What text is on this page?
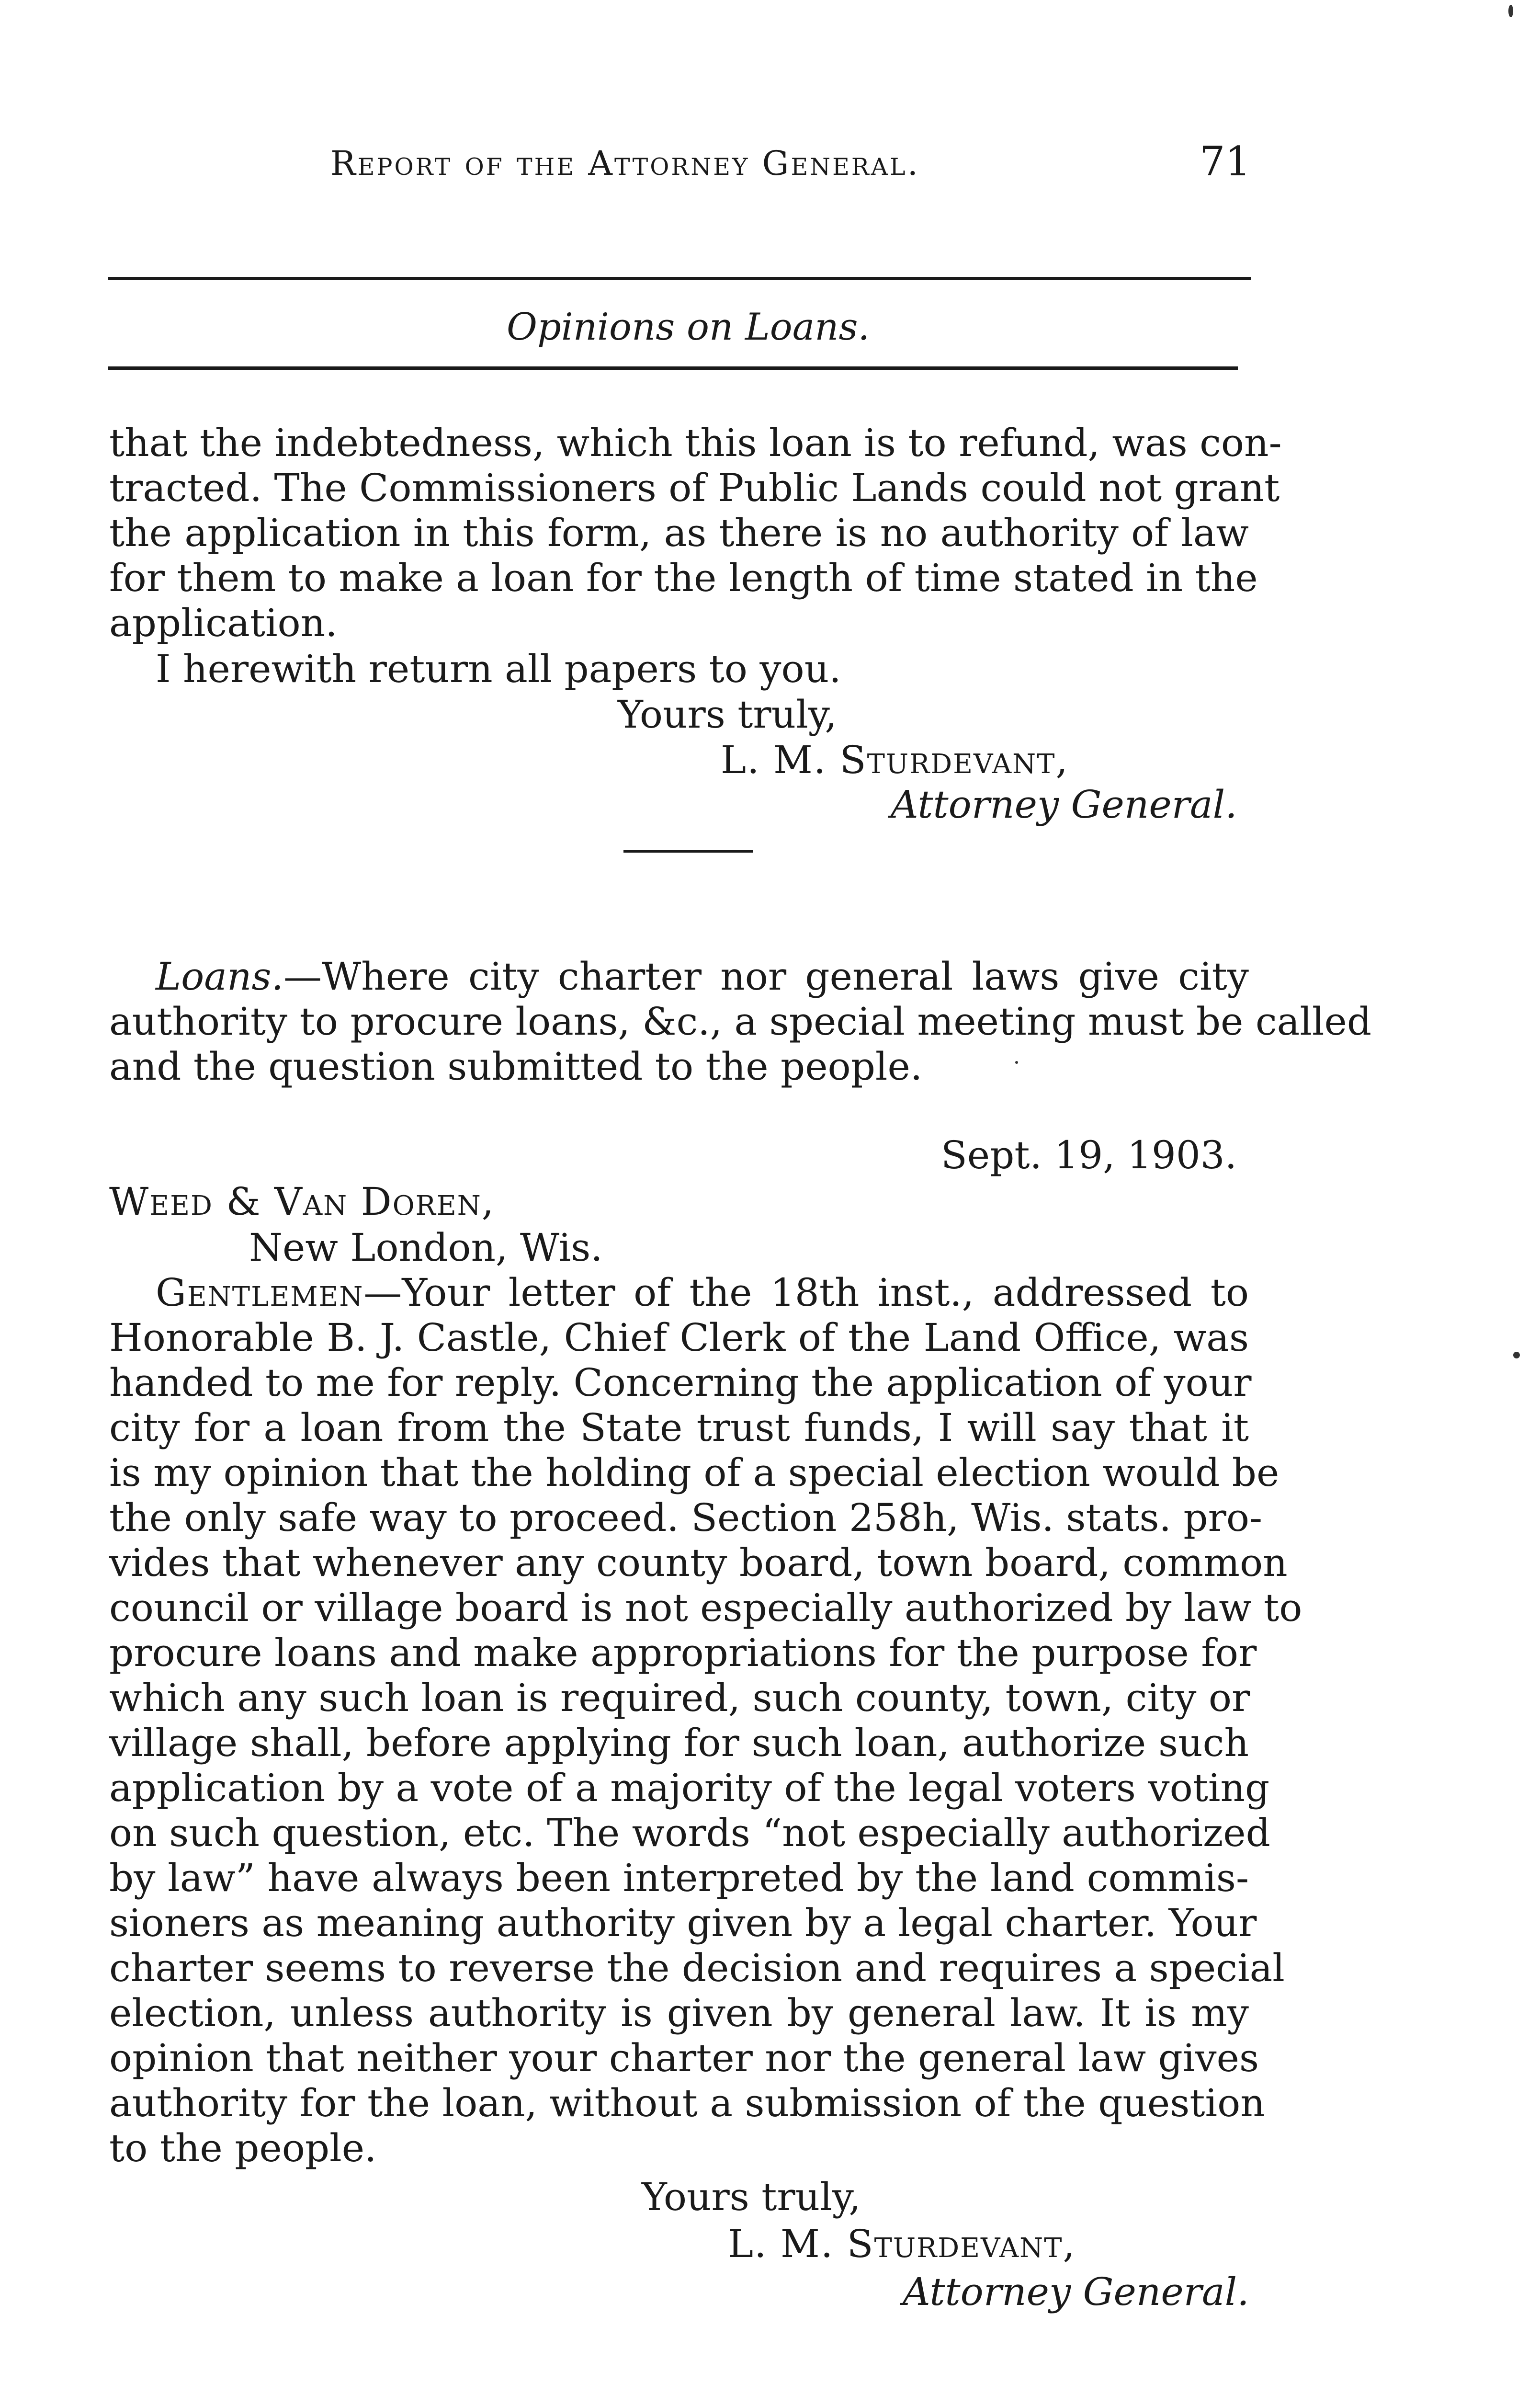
Report of the Attorney General.	71
Opinions on Loans.
that the indebtedness, which this loan is to refund, was con-
tracted. The Commissioners of Public Lands could not grant
the application in this form, as there is no authority of law
for them to make a loan for the length of time stated in the
application.
I herewith return all papers to you.
Yours truly,
L. M. Sturdevant,
Attorney General.
Loans.—Where city charter nor general laws give city
authority to procure loans, &c., a special meeting must be called
and the question submitted to the people.
Sept. 19, 1903.
Weed & Van Doren,
New London, Wis.
Gentlemen—Your letter of the 18th inst., addressed to
Honorable B. J. Castle, Chief Clerk of the Land Office, was
handed to me for reply. Concerning the application of your
city for a loan from the State trust funds, I will say that it
is my opinion that the holding of a special election would be
the only safe way to proceed. Section 258h, Wis. stats. pro-
vides that whenever any county board, town board, common
council or village board is not especially authorized by law to
procure loans and make appropriations for the purpose for
which any such loan is required, such county, town, city or
village shall, before applying for such loan, authorize such
application by a vote of a majority of the legal voters voting
on such question, etc. The words “not especially authorized
by law” have always been interpreted by the land commis-
sioners as meaning authority given by a legal charter. Your
charter seems to reverse the decision and requires a special
election, unless authority is given by general law. It is my
opinion that neither your charter nor the general law gives
authority for the loan, without a submission of the question
to the people.
Yours truly,
L. M. Sturdevant,
Attorney General.
